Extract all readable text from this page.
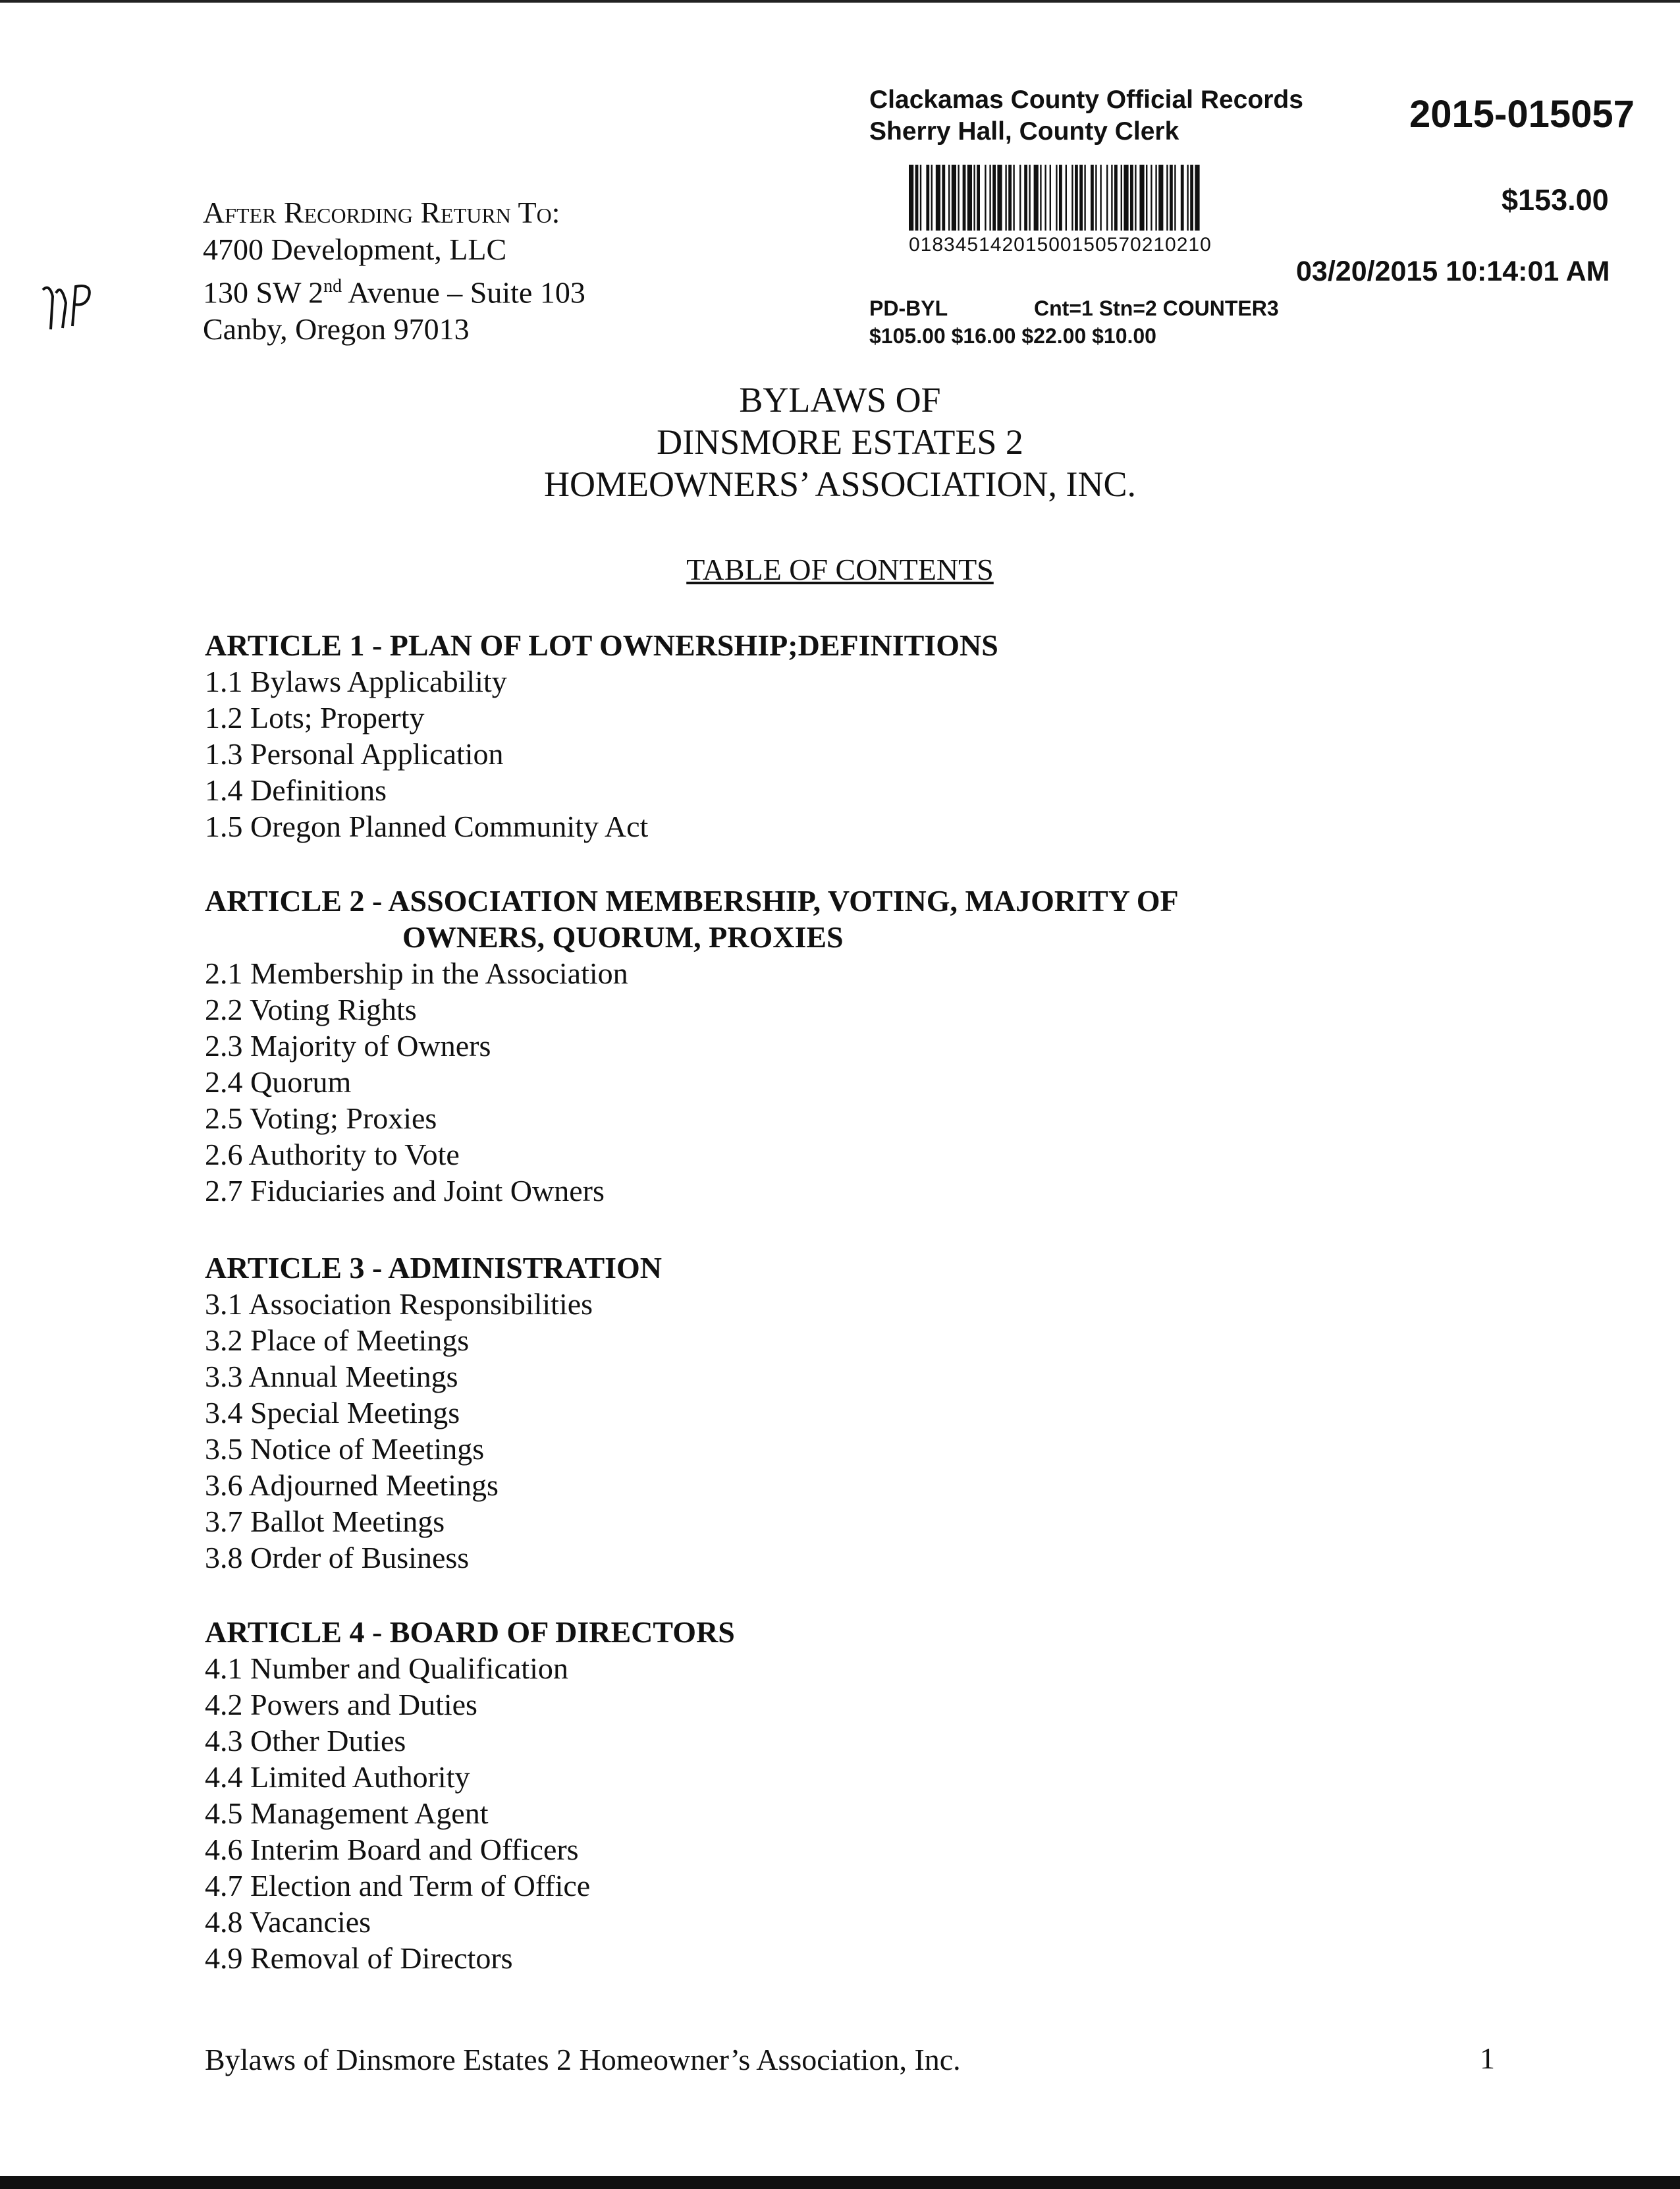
Clackamas County Official Records
Sherry Hall, County Clerk	2015-015057
01834514201500150570210210
$153.00
03/20/2015 10:14:01 AM
PD-BYL	Cnt=1 Stn=2 COUNTER3
$105.00 $16.00 $22.00 $10.00
After Recording Return To:
4700 Development, LLC
130 SW 2nd Avenue – Suite 103
Canby, Oregon 97013
BYLAWS OF
DINSMORE ESTATES 2
HOMEOWNERS’ ASSOCIATION, INC.
TABLE OF CONTENTS
ARTICLE 1 - PLAN OF LOT OWNERSHIP;DEFINITIONS
1.1 Bylaws Applicability
1.2 Lots; Property
1.3 Personal Application
1.4 Definitions
1.5 Oregon Planned Community Act
ARTICLE 2 - ASSOCIATION MEMBERSHIP, VOTING, MAJORITY OF
OWNERS, QUORUM, PROXIES
2.1 Membership in the Association
2.2 Voting Rights
2.3 Majority of Owners
2.4 Quorum
2.5 Voting; Proxies
2.6 Authority to Vote
2.7 Fiduciaries and Joint Owners
ARTICLE 3 - ADMINISTRATION
3.1 Association Responsibilities
3.2 Place of Meetings
3.3 Annual Meetings
3.4 Special Meetings
3.5 Notice of Meetings
3.6 Adjourned Meetings
3.7 Ballot Meetings
3.8 Order of Business
ARTICLE 4 - BOARD OF DIRECTORS
4.1 Number and Qualification
4.2 Powers and Duties
4.3 Other Duties
4.4 Limited Authority
4.5 Management Agent
4.6 Interim Board and Officers
4.7 Election and Term of Office
4.8 Vacancies
4.9 Removal of Directors
Bylaws of Dinsmore Estates 2 Homeowner’s Association, Inc.	1
